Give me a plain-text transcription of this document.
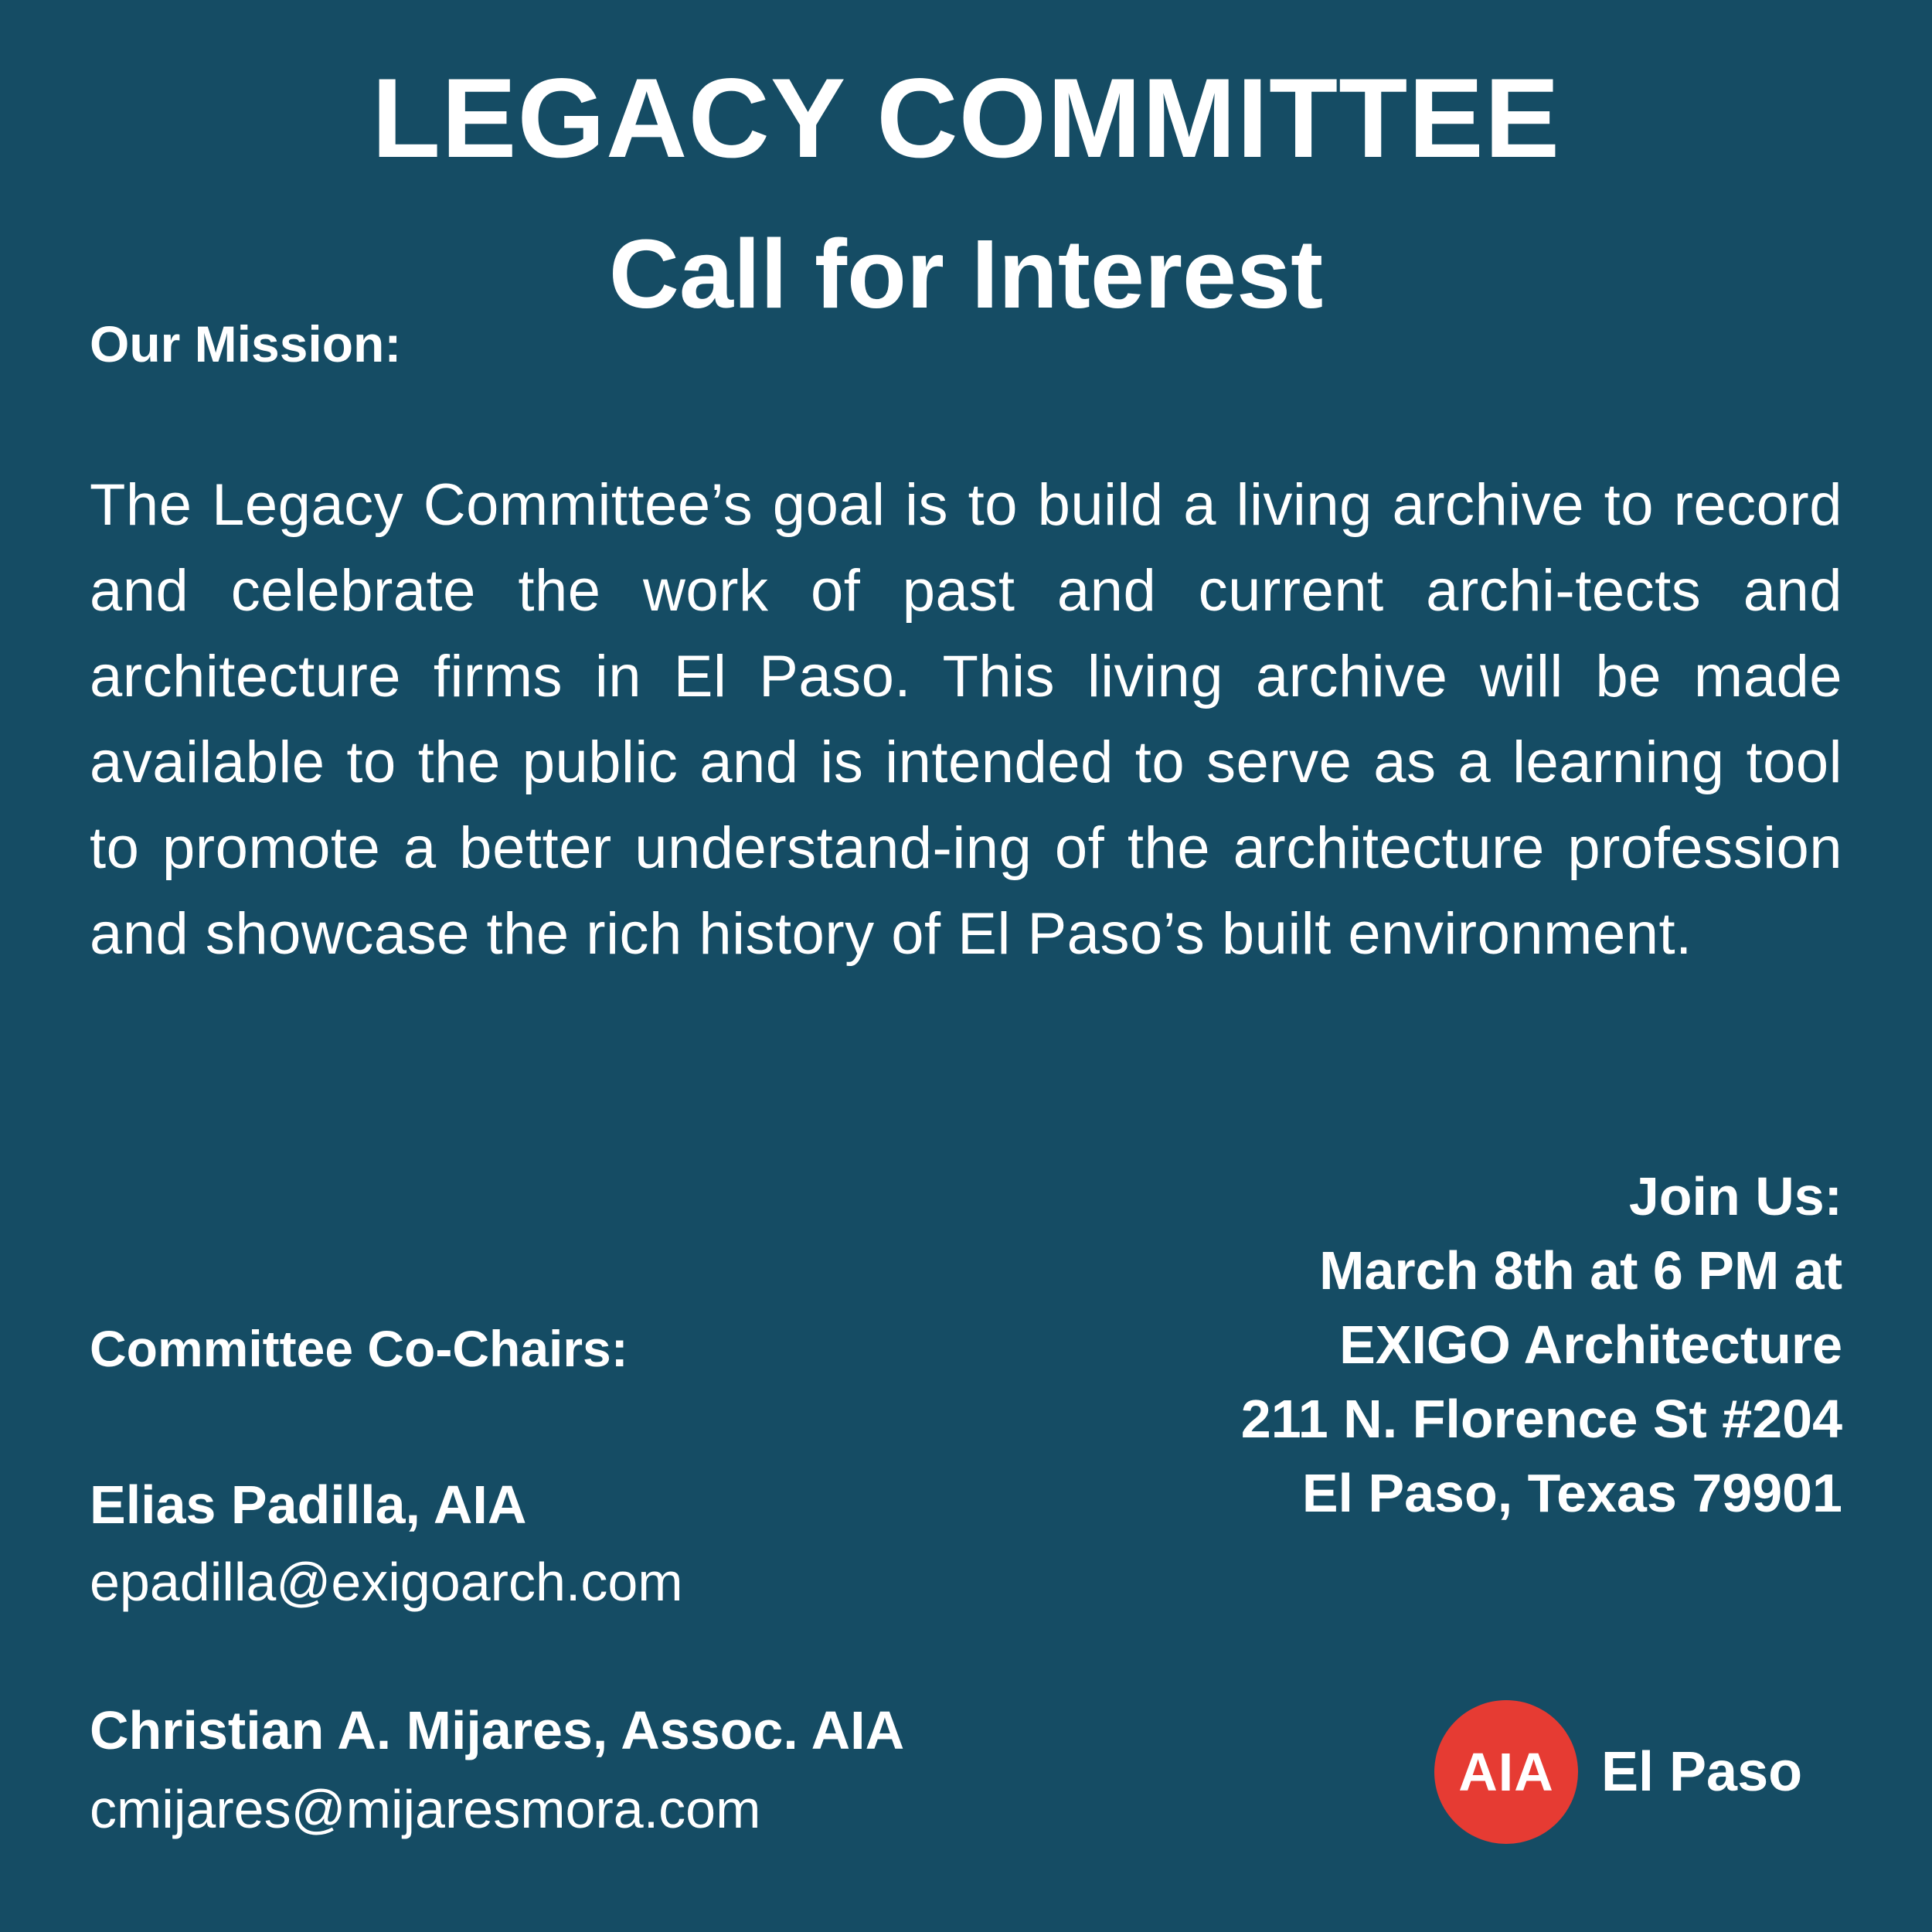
LEGACY COMMITTEE
Call for Interest
Our Mission:

The Legacy Committee’s goal is to build a living archive to record and celebrate the work of past and current archi-tects and architecture firms in El Paso. This living archive will be made available to the public and is intended to serve as a learning tool to promote a better understand-ing of the architecture profession and showcase the rich history of El Paso’s built environment.

Join Us:
March 8th at 6 PM at
EXIGO Architecture
211 N. Florence St #204
El Paso, Texas 79901
Committee Co-Chairs:
Elias Padilla, AIA
epadilla@exigoarch.com
Christian A. Mijares, Assoc. AIA
cmijares@mijaresmora.com
AIA El Paso
